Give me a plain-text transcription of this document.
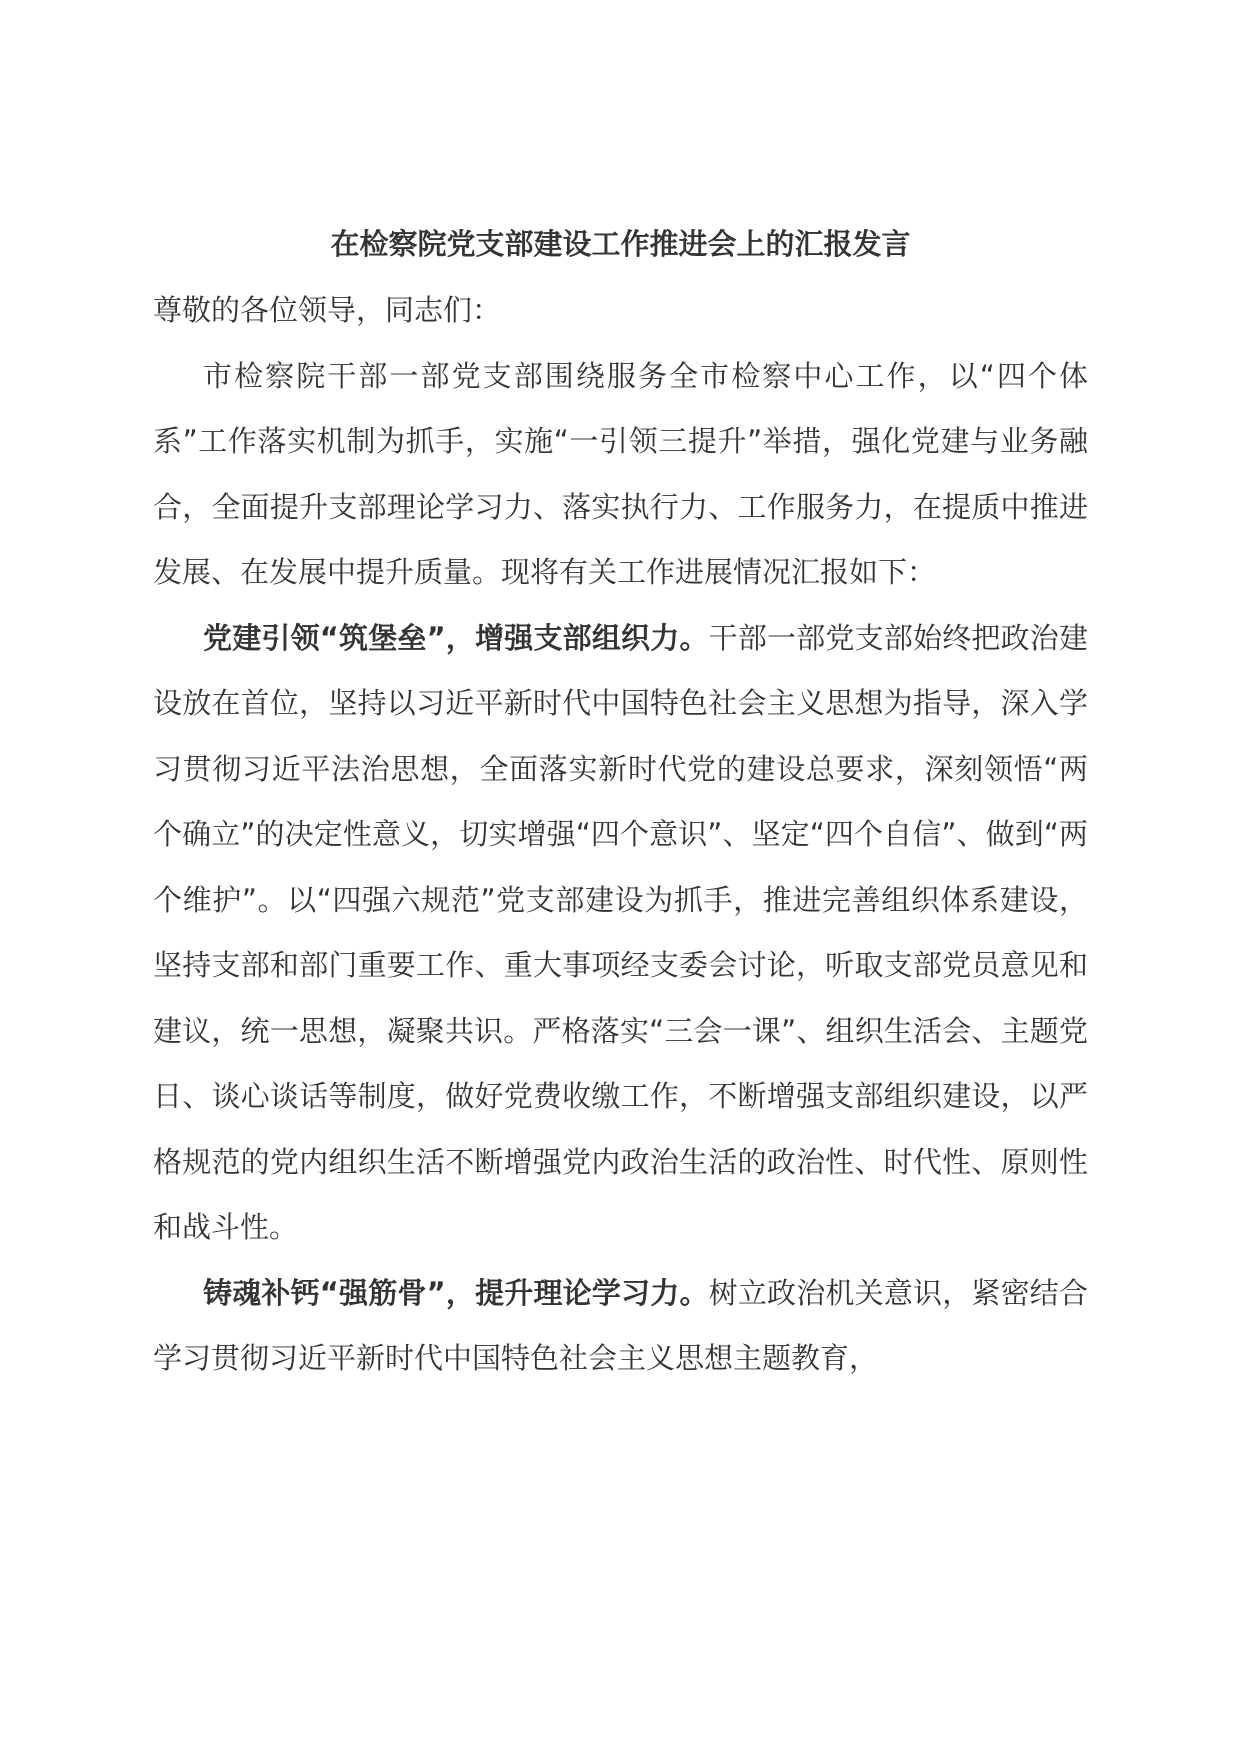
在检察院党支部建设工作推进会上的汇报发言

尊敬的各位领导，同志们：

市检察院干部一部党支部围绕服务全市检察中心工作，以“四个体系”工作落实机制为抓手，实施“一引领三提升”举措，强化党建与业务融合，全面提升支部理论学习力、落实执行力、工作服务力，在提质中推进发展、在发展中提升质量。现将有关工作进展情况汇报如下：

党建引领“筑堡垒”，增强支部组织力。干部一部党支部始终把政治建设放在首位，坚持以习近平新时代中国特色社会主义思想为指导，深入学习贯彻习近平法治思想，全面落实新时代党的建设总要求，深刻领悟“两个确立”的决定性意义，切实增强“四个意识”、坚定“四个自信”、做到“两个维护”。以“四强六规范”党支部建设为抓手，推进完善组织体系建设，坚持支部和部门重要工作、重大事项经支委会讨论，听取支部党员意见和建议，统一思想，凝聚共识。严格落实“三会一课”、组织生活会、主题党日、谈心谈话等制度，做好党费收缴工作，不断增强支部组织建设，以严格规范的党内组织生活不断增强党内政治生活的政治性、时代性、原则性和战斗性。

铸魂补钙“强筋骨”，提升理论学习力。树立政治机关意识，紧密结合学习贯彻习近平新时代中国特色社会主义思想主题教育，
